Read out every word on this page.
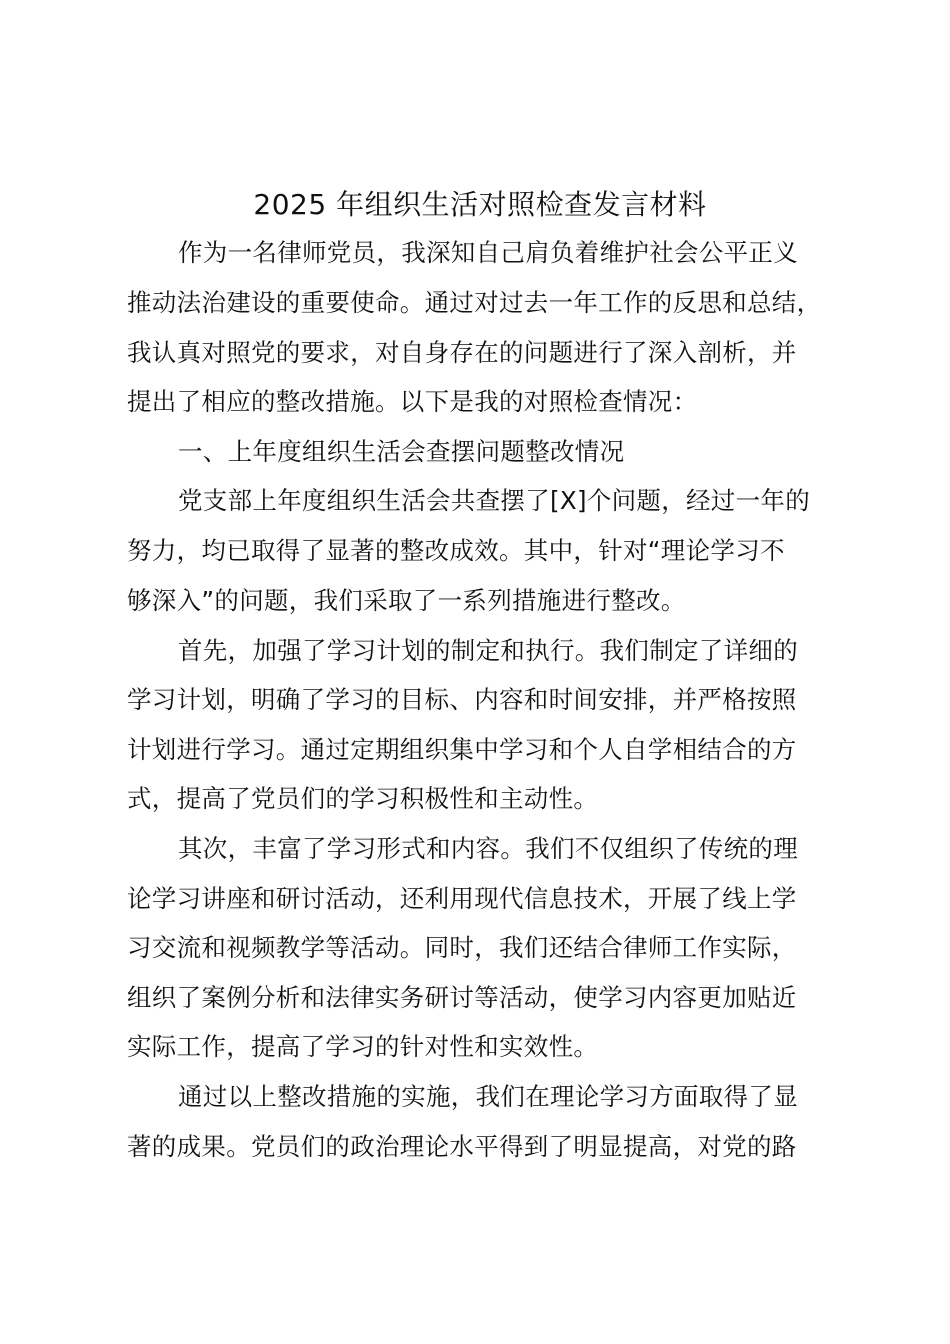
2025 年组织生活对照检查发言材料
作为一名律师党员，我深知自己肩负着维护社会公平正义
推动法治建设的重要使命。通过对过去一年工作的反思和总结，
我认真对照党的要求，对自身存在的问题进行了深入剖析，并
提出了相应的整改措施。以下是我的对照检查情况：
一、上年度组织生活会查摆问题整改情况
党支部上年度组织生活会共查摆了[X]个问题，经过一年的
努力，均已取得了显著的整改成效。其中，针对“理论学习不
够深入”的问题，我们采取了一系列措施进行整改。
首先，加强了学习计划的制定和执行。我们制定了详细的
学习计划，明确了学习的目标、内容和时间安排，并严格按照
计划进行学习。通过定期组织集中学习和个人自学相结合的方
式，提高了党员们的学习积极性和主动性。
其次，丰富了学习形式和内容。我们不仅组织了传统的理
论学习讲座和研讨活动，还利用现代信息技术，开展了线上学
习交流和视频教学等活动。同时，我们还结合律师工作实际，
组织了案例分析和法律实务研讨等活动，使学习内容更加贴近
实际工作，提高了学习的针对性和实效性。
通过以上整改措施的实施，我们在理论学习方面取得了显
著的成果。党员们的政治理论水平得到了明显提高，对党的路
